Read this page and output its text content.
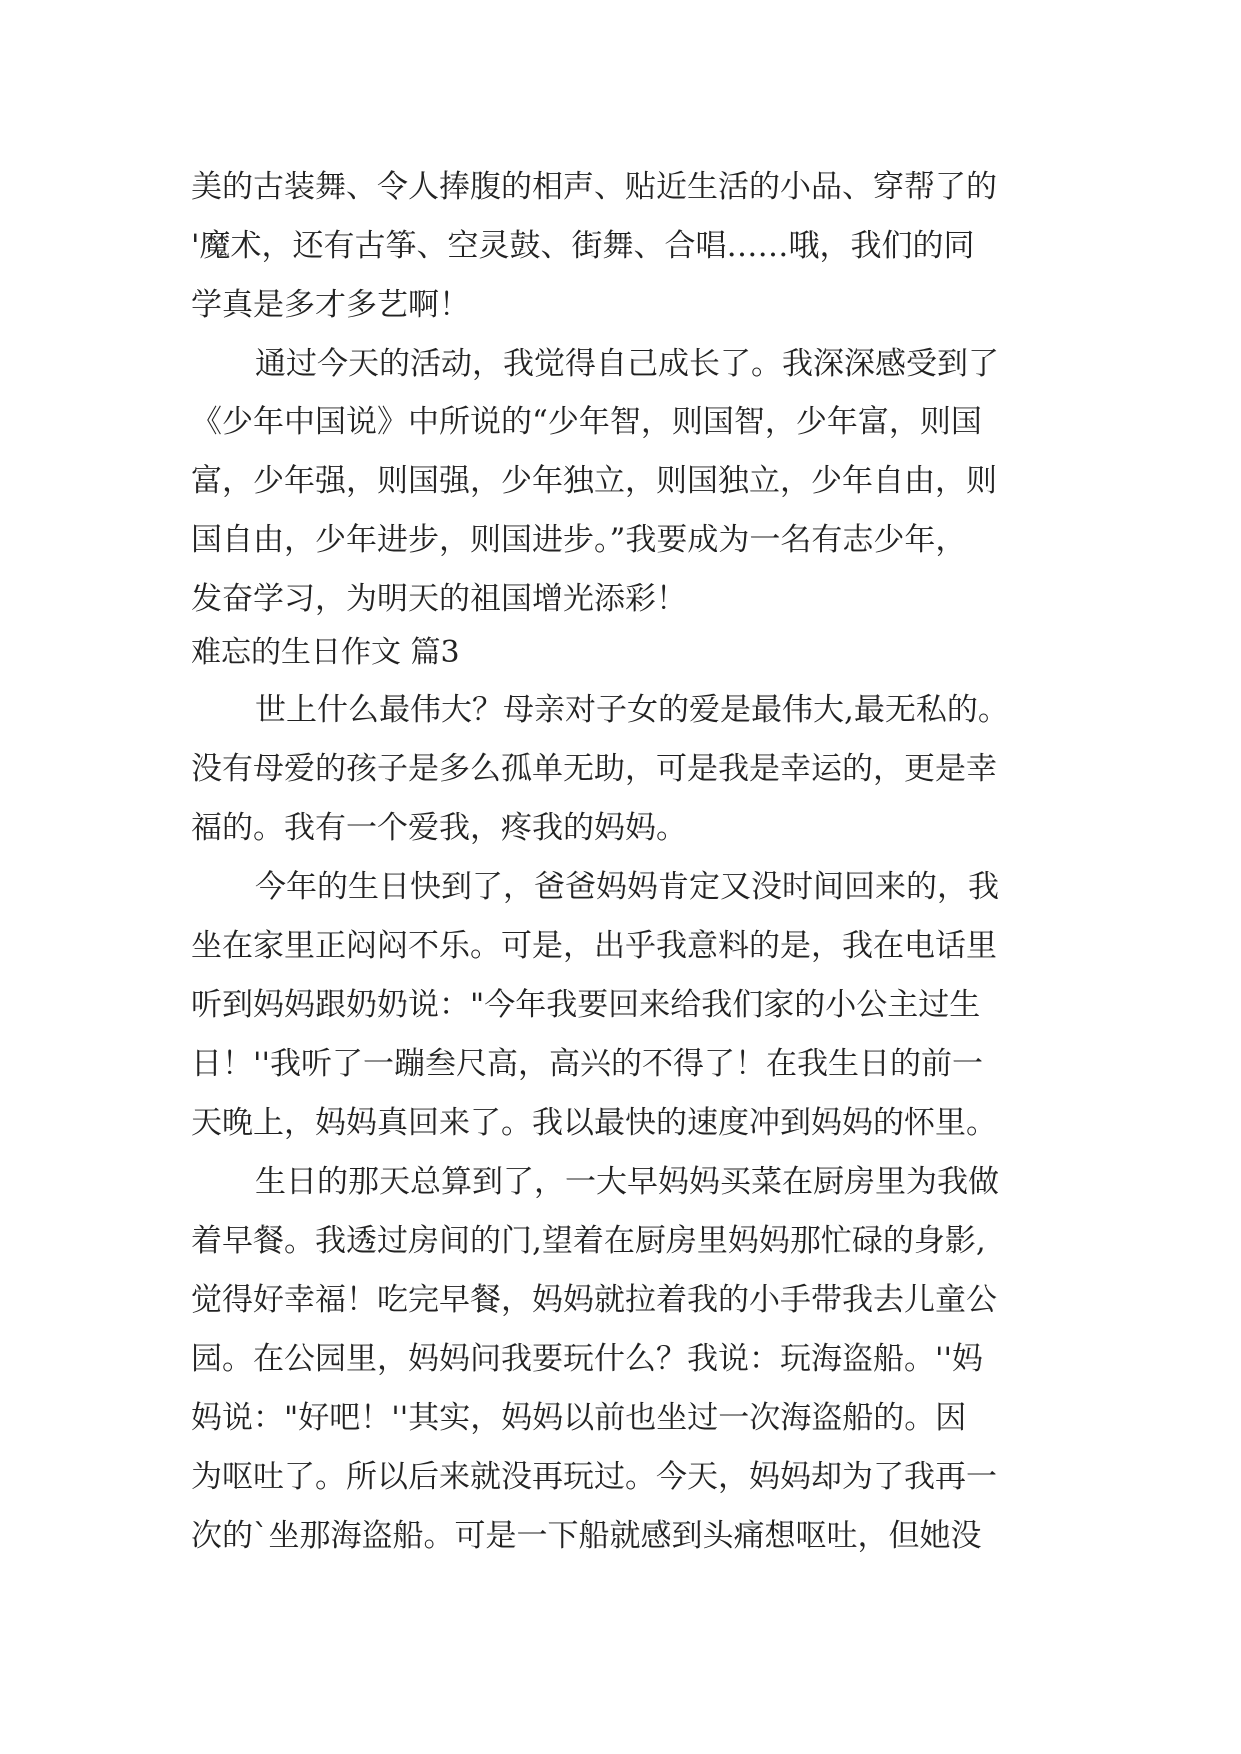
美的古装舞、令人捧腹的相声、贴近生活的小品、穿帮了的
'魔术，还有古筝、空灵鼓、街舞、合唱……哦，我们的同
学真是多才多艺啊！
通过今天的活动，我觉得自己成长了。我深深感受到了
《少年中国说》中所说的“少年智，则国智，少年富，则国
富，少年强，则国强，少年独立，则国独立，少年自由，则
国自由，少年进步，则国进步。”我要成为一名有志少年，
发奋学习，为明天的祖国增光添彩！
难忘的生日作文 篇3
世上什么最伟大？母亲对子女的爱是最伟大,最无私的。
没有母爱的孩子是多么孤单无助，可是我是幸运的，更是幸
福的。我有一个爱我，疼我的妈妈。
今年的生日快到了，爸爸妈妈肯定又没时间回来的，我
坐在家里正闷闷不乐。可是，出乎我意料的是，我在电话里
听到妈妈跟奶奶说："今年我要回来给我们家的小公主过生
日！''我听了一蹦叁尺高，高兴的不得了！在我生日的前一
天晚上，妈妈真回来了。我以最快的速度冲到妈妈的怀里。
生日的那天总算到了，一大早妈妈买菜在厨房里为我做
着早餐。我透过房间的门,望着在厨房里妈妈那忙碌的身影,
觉得好幸福！吃完早餐，妈妈就拉着我的小手带我去儿童公
园。在公园里，妈妈问我要玩什么？我说：玩海盗船。''妈
妈说："好吧！''其实，妈妈以前也坐过一次海盗船的。因
为呕吐了。所以后来就没再玩过。今天，妈妈却为了我再一
次的`坐那海盗船。可是一下船就感到头痛想呕吐，但她没
